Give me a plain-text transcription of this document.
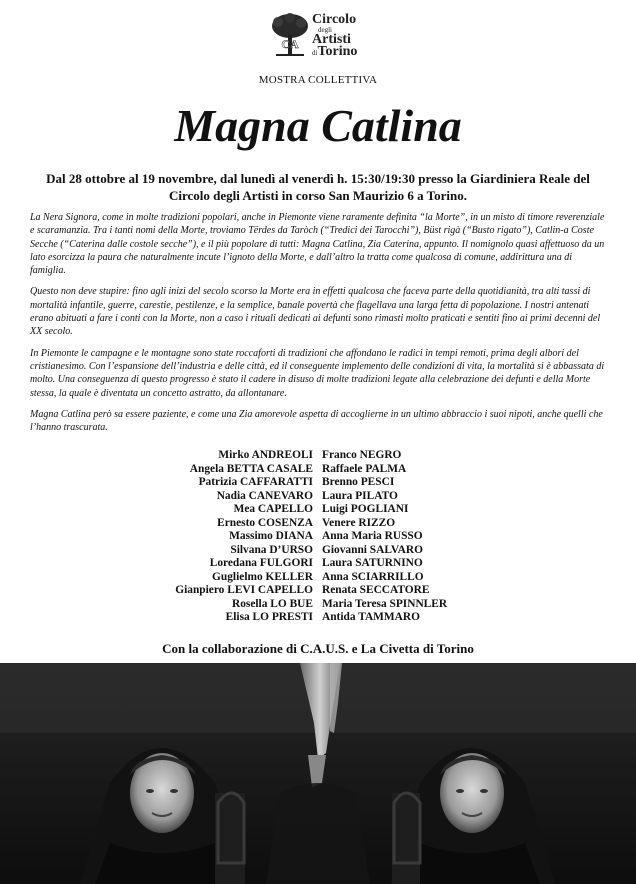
CA
Circolo
degli
Artisti
diTorino
MOSTRA COLLETTIVA
Magna Catlina
Dal 28 ottobre al 19 novembre, dal lunedì al venerdì h. 15:30/19:30 presso la Giardiniera Reale del Circolo degli Artisti in corso San Maurizio 6 a Torino.

La Nera Signora, come in molte tradizioni popolari, anche in Piemonte viene raramente definita “la Morte”, in un misto di timore reverenziale e scaramanzia. Tra i tanti nomi della Morte, troviamo Tërdes da Taròch (“Tredici dei Tarocchi”), Büst rigà (“Busto rigato”), Catlin-a Coste Secche (“Caterina dalle costole secche”), e il più popolare di tutti: Magna Catlina, Zia Caterina, appunto. Il nomignolo quasi affettuoso da un lato esorcizza la paura che naturalmente incute l’ignoto della Morte, e dall’altro la tratta come qualcosa di comune, addirittura una di famiglia.

Questo non deve stupire: fino agli inizi del secolo scorso la Morte era in effetti qualcosa che faceva parte della quotidianità, tra alti tassi di mortalità infantile, guerre, carestie, pestilenze, e la semplice, banale povertà che flagellava una larga fetta di popolazione. I nostri antenati erano abituati a fare i conti con la Morte, non a caso i rituali dedicati ai defunti sono rimasti molto praticati e sentiti fino ai primi decenni del XX secolo.

In Piemonte le campagne e le montagne sono state roccaforti di tradizioni che affondano le radici in tempi remoti, prima degli albori del cristianesimo. Con l’espansione dell’industria e delle città, ed il conseguente implemento delle condizioni di vita, la mortalità si è abbassata di molto. Una conseguenza di questo progresso è stato il cadere in disuso di molte tradizioni legate alla celebrazione dei defunti e della Morte stessa, la quale è diventata un concetto astratto, da allontanare.

Magna Catlina però sa essere paziente, e come una Zia amorevole aspetta di accoglierne in un ultimo abbraccio i suoi nipoti, anche quelli che l’hanno trascurata.

Mirko ANDREOLI
Angela BETTA CASALE
Patrizia CAFFARATTI
Nadia CANEVARO
Mea CAPELLO
Ernesto COSENZA
Massimo DIANA
Silvana D’URSO
Loredana FULGORI
Guglielmo KELLER
Gianpiero LEVI CAPELLO
Rosella LO BUE
Elisa LO PRESTI
Franco NEGRO
Raffaele PALMA
Brenno PESCI
Laura PILATO
Luigi POGLIANI
Venere RIZZO
Anna Maria RUSSO
Giovanni SALVARO
Laura SATURNINO
Anna SCIARRILLO
Renata SECCATORE
Maria Teresa SPINNLER
Antida TAMMARO
Con la collaborazione di C.A.U.S. e La Civetta di Torino
